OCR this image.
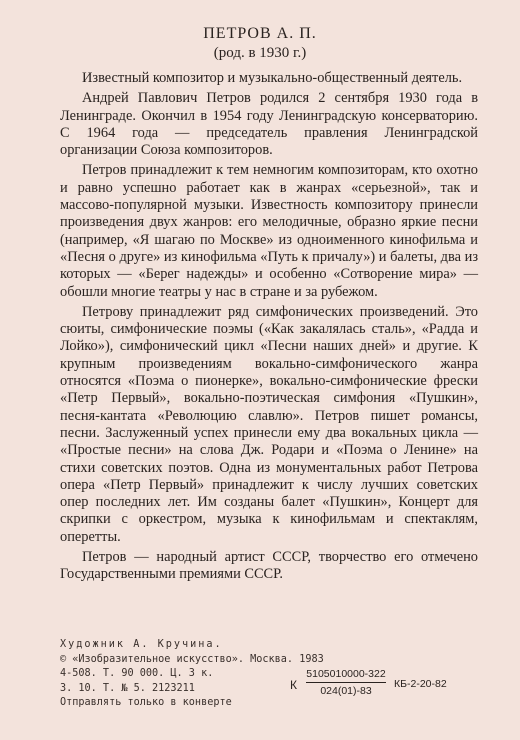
ПЕТРОВ А. П.
(род. в 1930 г.)

Известный композитор и музыкально-общественный деятель.

Андрей Павлович Петров родился 2 сентября 1930 года в Ленинграде. Окончил в 1954 году Ленинградскую консерваторию. С 1964 года — председатель правления Ленинградской организации Союза композиторов.

Петров принадлежит к тем немногим композиторам, кто охотно и равно успешно работает как в жанрах «серьезной», так и массово-популярной музыки. Известность композитору принесли произведения двух жанров: его мелодичные, образно яркие песни (например, «Я шагаю по Москве» из одноименного кинофильма и «Песня о друге» из кинофильма «Путь к причалу») и балеты, два из которых — «Берег надежды» и особенно «Сотворение мира» — обошли многие театры у нас в стране и за рубежом.

Петрову принадлежит ряд симфонических произведений. Это сюиты, симфонические поэмы («Как закалялась сталь», «Радда и Лойко»), симфонический цикл «Песни наших дней» и другие. К крупным произведениям вокально-симфонического жанра относятся «Поэма о пионерке», вокально-симфонические фрески «Петр Первый», вокально-поэтическая симфония «Пушкин», песня-кантата «Революцию славлю». Петров пишет романсы, песни. Заслуженный успех принесли ему два вокальных цикла — «Простые песни» на слова Дж. Родари и «Поэма о Ленине» на стихи советских поэтов. Одна из монументальных работ Петрова опера «Петр Первый» принадлежит к числу лучших советских опер последних лет. Им созданы балет «Пушкин», Концерт для скрипки с оркестром, музыка к кинофильмам и спектаклям, оперетты.

Петров — народный артист СССР, творчество его отмечено Государственными премиями СССР.

Художник А. Кручина.
© «Изобразительное искусство». Москва. 1983
4-508. Т. 90 000. Ц. 3 к.
З. 10. Т. № 5. 2123211
Отправлять только в конверте
К $\frac{5105010000-322}{024(01)-83} КБ-2-20-82$
